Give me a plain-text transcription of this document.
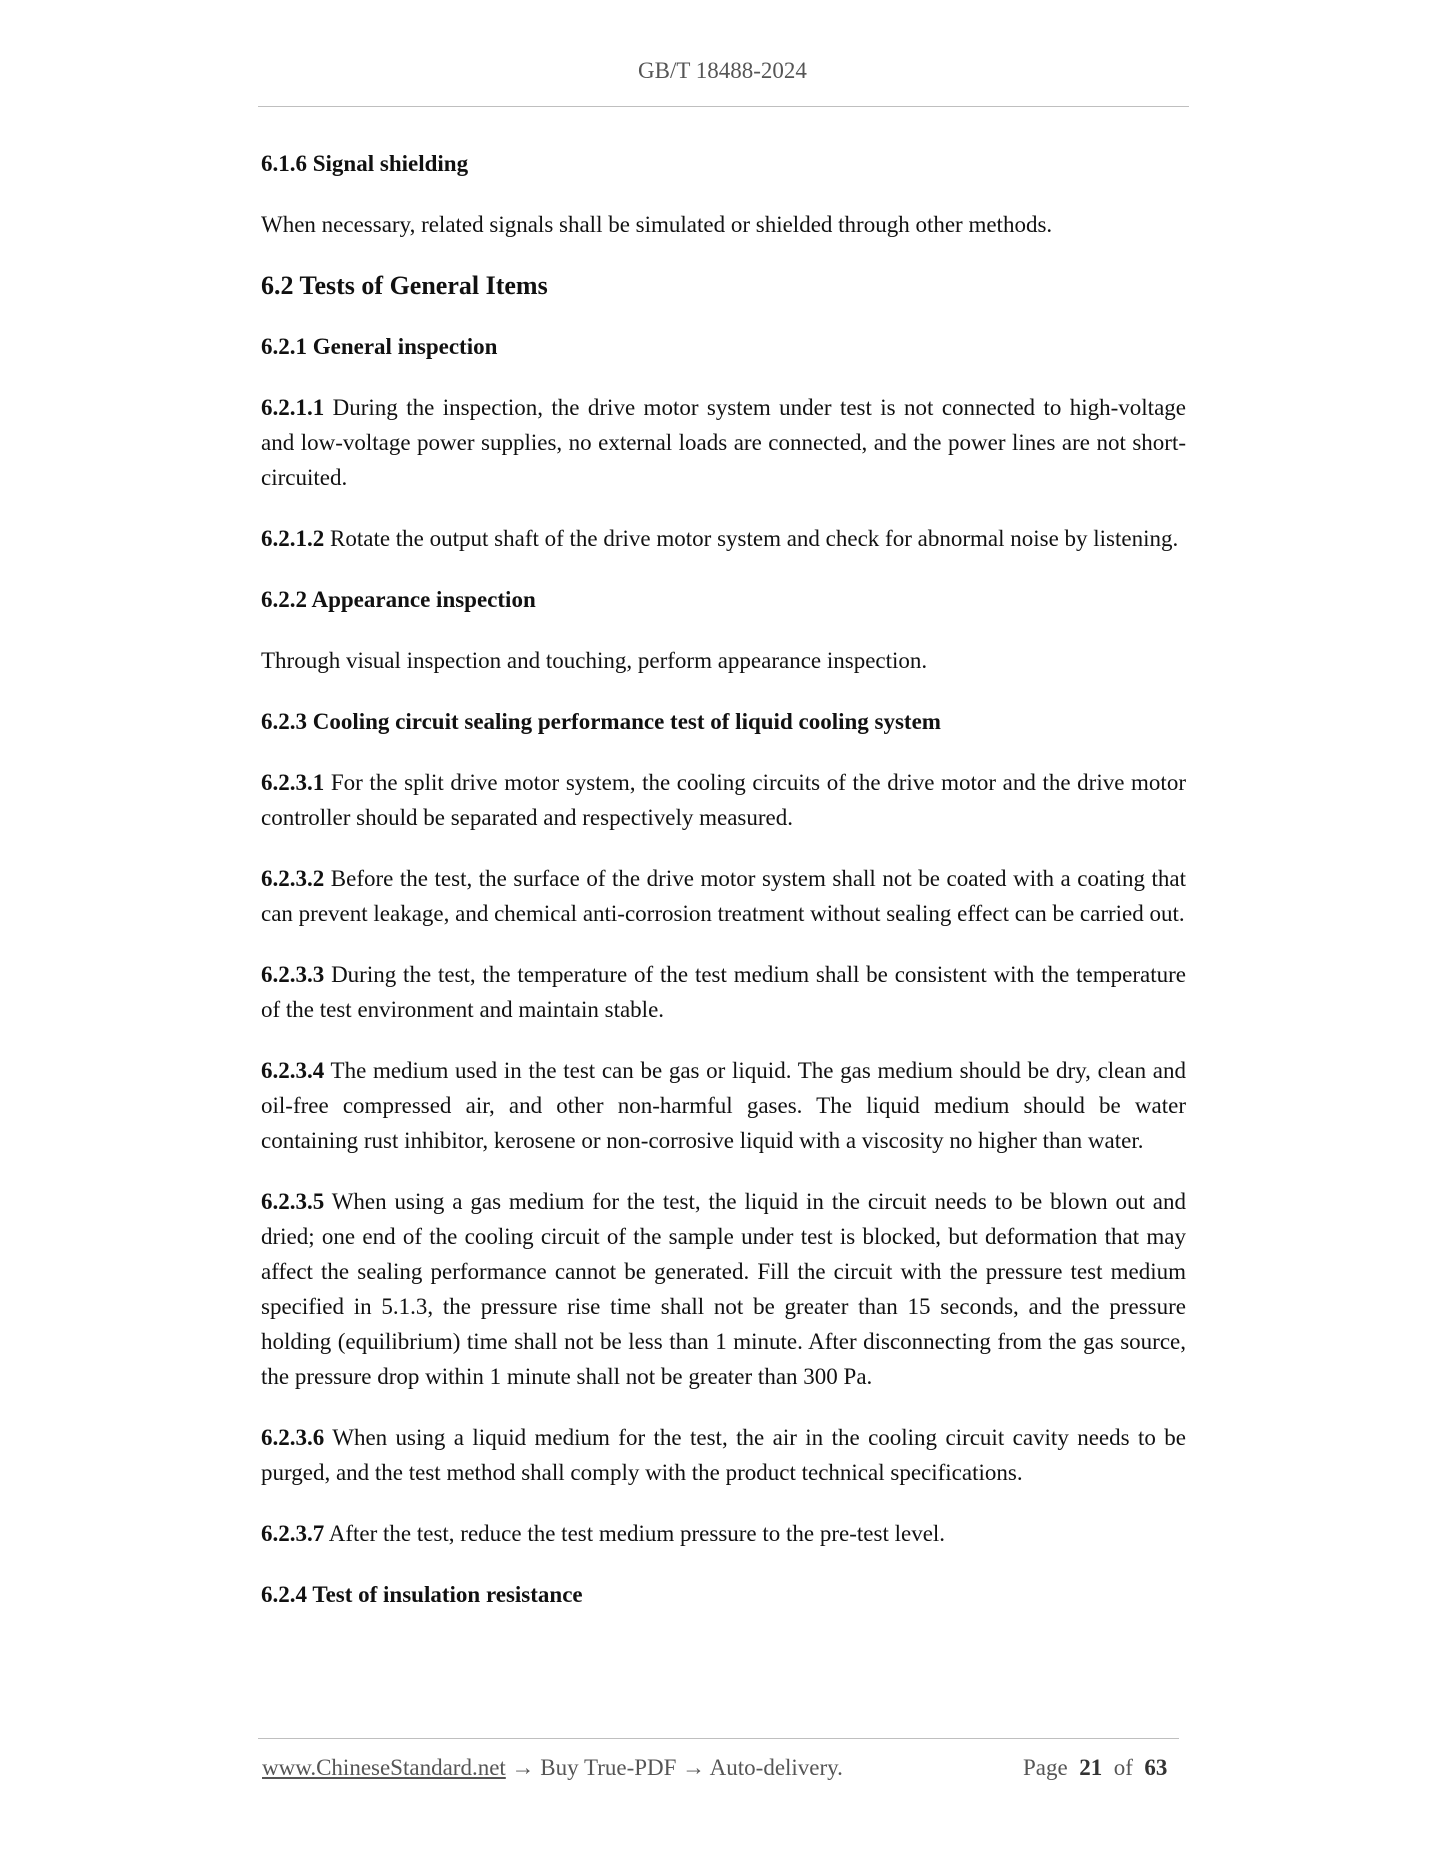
GB/T 18488-2024
6.1.6 Signal shielding

When necessary, related signals shall be simulated or shielded through other methods.

6.2 Tests of General Items
6.2.1 General inspection

6.2.1.1 During the inspection, the drive motor system under test is not connected to high-voltage and low-voltage power supplies, no external loads are connected, and the power lines are not short-circuited.

6.2.1.2 Rotate the output shaft of the drive motor system and check for abnormal noise by listening.

6.2.2 Appearance inspection

Through visual inspection and touching, perform appearance inspection.

6.2.3 Cooling circuit sealing performance test of liquid cooling system

6.2.3.1 For the split drive motor system, the cooling circuits of the drive motor and the drive motor controller should be separated and respectively measured.

6.2.3.2 Before the test, the surface of the drive motor system shall not be coated with a coating that can prevent leakage, and chemical anti-corrosion treatment without sealing effect can be carried out.

6.2.3.3 During the test, the temperature of the test medium shall be consistent with the temperature of the test environment and maintain stable.

6.2.3.4 The medium used in the test can be gas or liquid. The gas medium should be dry, clean and oil-free compressed air, and other non-harmful gases. The liquid medium should be water containing rust inhibitor, kerosene or non-corrosive liquid with a viscosity no higher than water.

6.2.3.5 When using a gas medium for the test, the liquid in the circuit needs to be blown out and dried; one end of the cooling circuit of the sample under test is blocked, but deformation that may affect the sealing performance cannot be generated. Fill the circuit with the pressure test medium specified in 5.1.3, the pressure rise time shall not be greater than 15 seconds, and the pressure holding (equilibrium) time shall not be less than 1 minute. After disconnecting from the gas source, the pressure drop within 1 minute shall not be greater than 300 Pa.

6.2.3.6 When using a liquid medium for the test, the air in the cooling circuit cavity needs to be purged, and the test method shall comply with the product technical specifications.

6.2.3.7 After the test, reduce the test medium pressure to the pre-test level.

6.2.4 Test of insulation resistance
www.ChineseStandard.net → Buy True-PDF → Auto-delivery.	Page 21 of 63
